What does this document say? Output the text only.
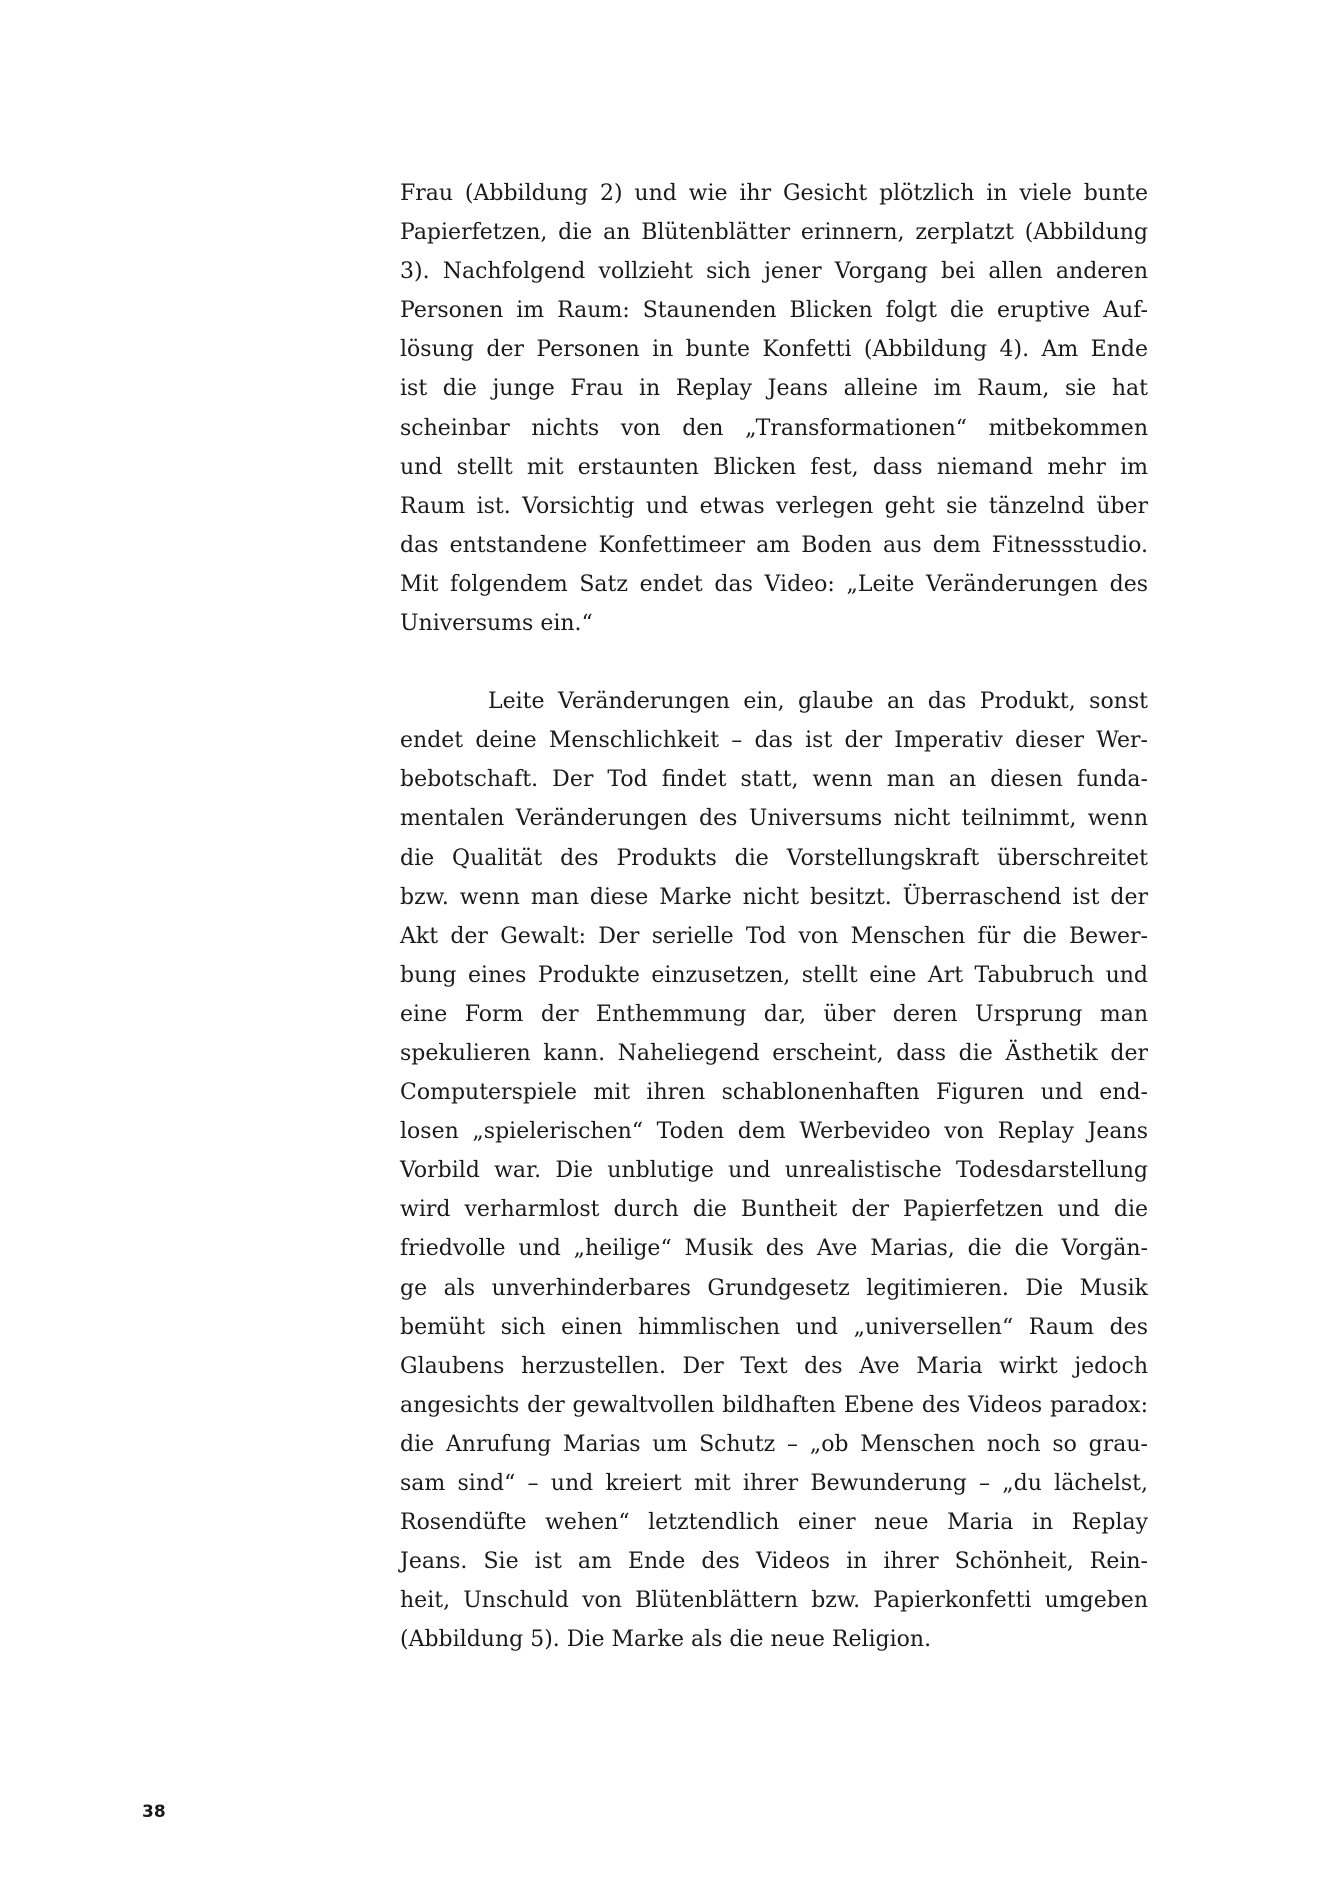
Frau (Abbildung 2) und wie ihr Gesicht plötzlich in viele bunte
Papierfetzen, die an Blütenblätter erinnern, zerplatzt (Abbildung
3). Nachfolgend vollzieht sich jener Vorgang bei allen anderen
Personen im Raum: Staunenden Blicken folgt die eruptive Auf-
lösung der Personen in bunte Konfetti (Abbildung 4). Am Ende
ist die junge Frau in Replay Jeans alleine im Raum, sie hat
scheinbar nichts von den „Transformationen“ mitbekommen
und stellt mit erstaunten Blicken fest, dass niemand mehr im
Raum ist. Vorsichtig und etwas verlegen geht sie tänzelnd über
das entstandene Konfettimeer am Boden aus dem Fitnessstudio.
Mit folgendem Satz endet das Video: „Leite Veränderungen des
Universums ein.“

Leite Veränderungen ein, glaube an das Produkt, sonst
endet deine Menschlichkeit – das ist der Imperativ dieser Wer-
bebotschaft. Der Tod findet statt, wenn man an diesen funda-
mentalen Veränderungen des Universums nicht teilnimmt, wenn
die Qualität des Produkts die Vorstellungskraft überschreitet
bzw. wenn man diese Marke nicht besitzt. Überraschend ist der
Akt der Gewalt: Der serielle Tod von Menschen für die Bewer-
bung eines Produkte einzusetzen, stellt eine Art Tabubruch und
eine Form der Enthemmung dar, über deren Ursprung man
spekulieren kann. Naheliegend erscheint, dass die Ästhetik der
Computerspiele mit ihren schablonenhaften Figuren und end-
losen „spielerischen“ Toden dem Werbevideo von Replay Jeans
Vorbild war. Die unblutige und unrealistische Todesdarstellung
wird verharmlost durch die Buntheit der Papierfetzen und die
friedvolle und „heilige“ Musik des Ave Marias, die die Vorgän-
ge als unverhinderbares Grundgesetz legitimieren. Die Musik
bemüht sich einen himmlischen und „universellen“ Raum des
Glaubens herzustellen. Der Text des Ave Maria wirkt jedoch
angesichts der gewaltvollen bildhaften Ebene des Videos paradox:
die Anrufung Marias um Schutz – „ob Menschen noch so grau-
sam sind“ – und kreiert mit ihrer Bewunderung – „du lächelst,
Rosendüfte wehen“ letztendlich einer neue Maria in Replay
Jeans. Sie ist am Ende des Videos in ihrer Schönheit, Rein-
heit, Unschuld von Blütenblättern bzw. Papierkonfetti umgeben
(Abbildung 5). Die Marke als die neue Religion.

38
